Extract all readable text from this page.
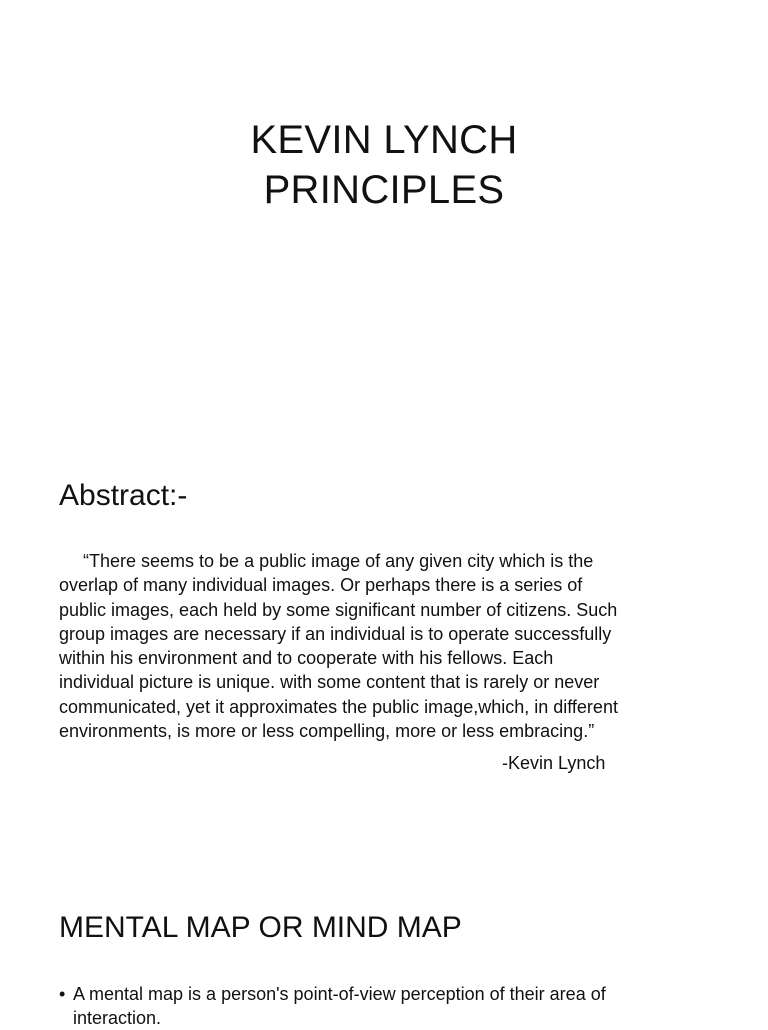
KEVIN LYNCH
PRINCIPLES
Abstract:-

“There seems to be a public image of any given city which is the
overlap of many individual images. Or perhaps there is a series of
public images, each held by some significant number of citizens. Such
group images are necessary if an individual is to operate successfully
within his environment and to cooperate with his fellows. Each
individual picture is unique. with some content that is rarely or never
communicated, yet it approximates the public image,which, in different
environments, is more or less compelling, more or less embracing.”

-Kevin Lynch
MENTAL MAP OR MIND MAP
• A mental map is a person's point-of-view perception of their area of
interaction.
